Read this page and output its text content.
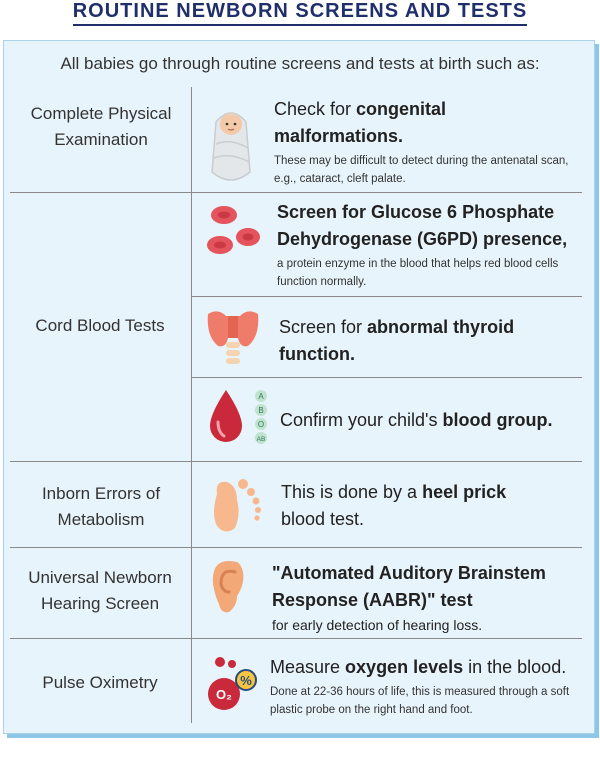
ROUTINE NEWBORN SCREENS AND TESTS
All babies go through routine screens and tests at birth such as:
Complete Physical Examination
Check for congenital malformations.
These may be difficult to detect during the antenatal scan, e.g., cataract, cleft palate.
Cord Blood Tests
Screen for Glucose 6 Phosphate Dehydrogenase (G6PD) presence,
a protein enzyme in the blood that helps red blood cells function normally.
Screen for abnormal thyroid function.
A
B
O
AB
Confirm your child's blood group.
Inborn Errors of Metabolism
This is done by a heel prick
blood test.
Universal Newborn Hearing Screen
"Automated Auditory Brainstem Response (AABR)" test
for early detection of hearing loss.
Pulse Oximetry
O₂
%
Measure oxygen levels in the blood.
Done at 22-36 hours of life, this is measured through a soft plastic probe on the right hand and foot.
